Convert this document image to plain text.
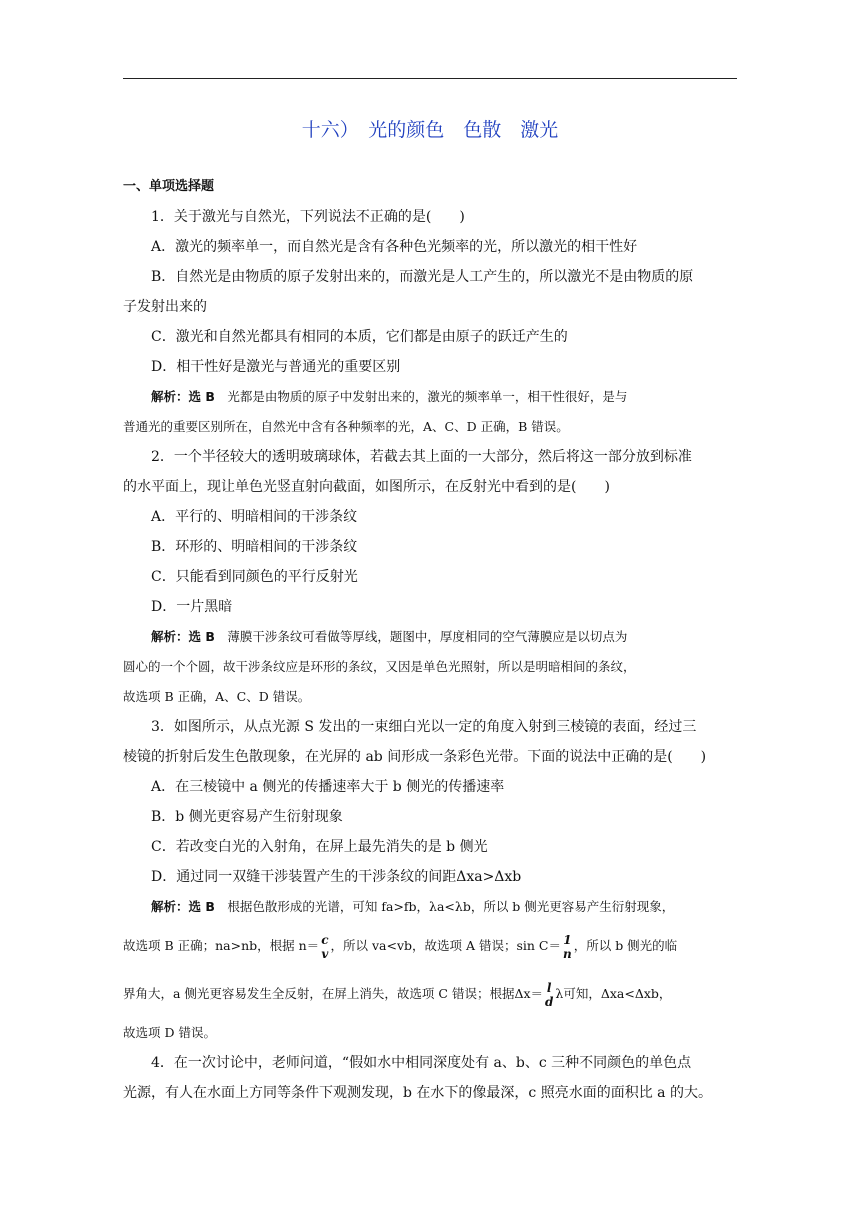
十六）　光的颜色　色散　激光
一、单项选择题
1．关于激光与自然光，下列说法不正确的是(　　)
A．激光的频率单一，而自然光是含有各种色光频率的光，所以激光的相干性好
B．自然光是由物质的原子发射出来的，而激光是人工产生的，所以激光不是由物质的原
子发射出来的
C．激光和自然光都具有相同的本质，它们都是由原子的跃迁产生的
D．相干性好是激光与普通光的重要区别
解析：选 B　 光都是由物质的原子中发射出来的，激光的频率单一，相干性很好，是与
普通光的重要区别所在，自然光中含有各种频率的光，A、C、D 正确，B 错误。
2．一个半径较大的透明玻璃球体，若截去其上面的一大部分，然后将这一部分放到标准
的水平面上，现让单色光竖直射向截面，如图所示，在反射光中看到的是(　　)
A．平行的、明暗相间的干涉条纹
B．环形的、明暗相间的干涉条纹
C．只能看到同颜色的平行反射光
D．一片黑暗
解析：选 B　 薄膜干涉条纹可看做等厚线，题图中，厚度相同的空气薄膜应是以切点为
圆心的一个个圆，故干涉条纹应是环形的条纹，又因是单色光照射，所以是明暗相间的条纹，
故选项 B 正确，A、C、D 错误。
3．如图所示，从点光源 S 发出的一束细白光以一定的角度入射到三棱镜的表面，经过三
棱镜的折射后发生色散现象，在光屏的 ab 间形成一条彩色光带。下面的说法中正确的是(　　)
A．在三棱镜中 a 侧光的传播速率大于 b 侧光的传播速率
B．b 侧光更容易产生衍射现象
C．若改变白光的入射角，在屏上最先消失的是 b 侧光
D．通过同一双缝干涉装置产生的干涉条纹的间距Δxa>Δxb
解析：选 B　 根据色散形成的光谱，可知 fa>fb，λa<λb，所以 b 侧光更容易产生衍射现象，
故选项 B 正确；na>nb，根据 n＝ c
v
，所以 va<vb，故选项 A 错误；sin C＝ 1
n
，所以 b 侧光的临
界角大，a 侧光更容易发生全反射，在屏上消失，故选项 C 错误；根据Δx＝ l
d
λ可知，Δxa<Δxb，
故选项 D 错误。
4．在一次讨论中，老师问道，“假如水中相同深度处有 a、b、c 三种不同颜色的单色点
光源，有人在水面上方同等条件下观测发现，b 在水下的像最深，c 照亮水面的面积比 a 的大。
